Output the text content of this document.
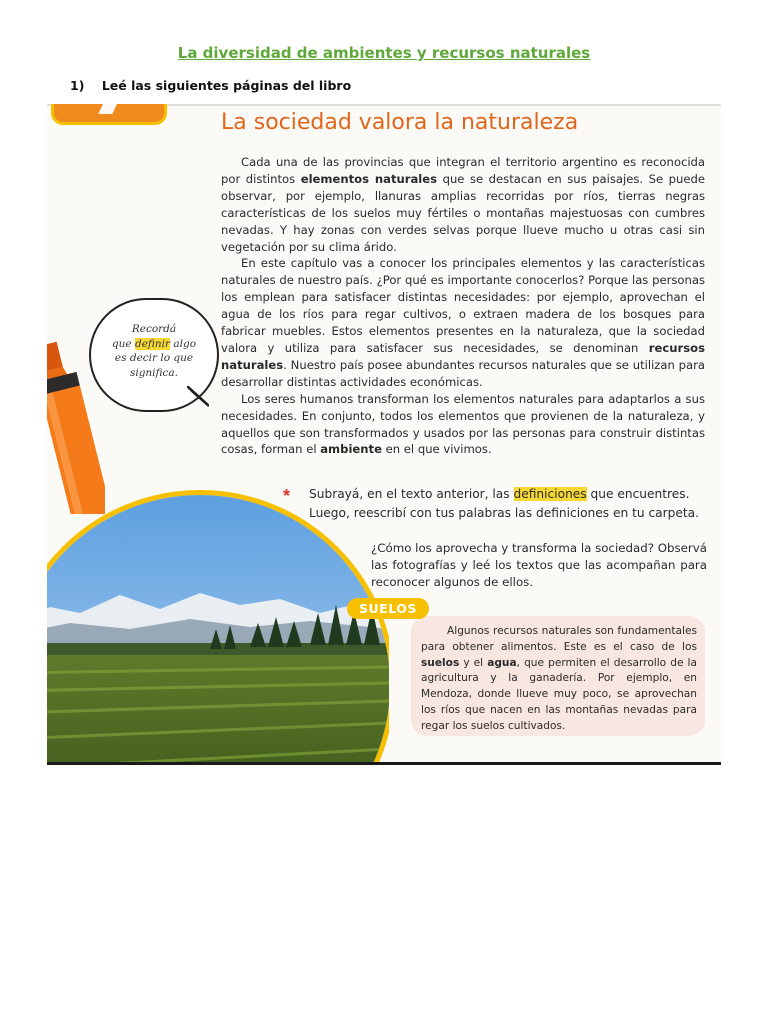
La diversidad de ambientes y recursos naturales
1)    Leé las siguientes páginas del libro
La sociedad valora la naturaleza

Cada una de las provincias que integran el territorio argentino es reconocida por distintos elementos naturales que se destacan en sus paisajes. Se puede observar, por ejemplo, llanuras amplias recorridas por ríos, tierras negras características de los suelos muy fértiles o montañas majestuosas con cumbres nevadas. Y hay zonas con verdes selvas porque llueve mucho u otras casi sin vegetación por su clima árido.

En este capítulo vas a conocer los principales elementos y las características naturales de nuestro país. ¿Por qué es importante conocerlos? Porque las personas los emplean para satisfacer distintas necesidades: por ejemplo, aprovechan el agua de los ríos para regar cultivos, o extraen madera de los bosques para fabricar muebles. Estos elementos presentes en la naturaleza, que la sociedad valora y utiliza para satisfacer sus necesidades, se denominan recursos naturales. Nuestro país posee abundantes recursos naturales que se utilizan para desarrollar distintas actividades económicas.

Los seres humanos transforman los elementos naturales para adaptarlos a sus necesidades. En conjunto, todos los elementos que provienen de la naturaleza, y aquellos que son transformados y usados por las personas para construir distintas cosas, forman el ambiente en el que vivimos.

Recordá
que definir algo
es decir lo que
significa.
* Subrayá, en el texto anterior, las definiciones que encuentres. Luego, reescribí con tus palabras las definiciones en tu carpeta.
¿Cómo los aprovecha y transforma la sociedad? Observá las fotografías y leé los textos que las acompañan para reconocer algunos de ellos.
SUELOS

Algunos recursos naturales son fundamentales para obtener alimentos. Este es el caso de los suelos y el agua, que permiten el desarrollo de la agricultura y la ganadería. Por ejemplo, en Mendoza, donde llueve muy poco, se aprovechan los ríos que nacen en las montañas nevadas para regar los suelos cultivados.
